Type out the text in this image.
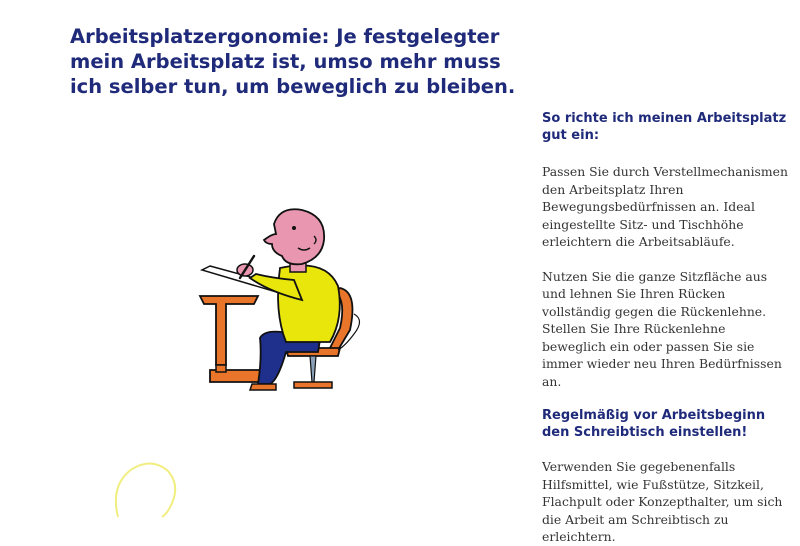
Arbeitsplatzergonomie: Je festgelegter mein Arbeitsplatz ist, umso mehr muss ich selber tun, um beweglich zu bleiben.
So richte ich meinen Arbeitsplatz gut ein:

Passen Sie durch Verstellmechanismen den Arbeitsplatz Ihren Bewegungsbedürfnissen an. Ideal eingestellte Sitz- und Tischhöhe erleichtern die Arbeitsabläufe.

Nutzen Sie die ganze Sitzfläche aus und lehnen Sie Ihren Rücken vollständig gegen die Rückenlehne. Stellen Sie Ihre Rückenlehne beweglich ein oder passen Sie sie immer wieder neu Ihren Bedürfnissen an.

Regelmäßig vor Arbeitsbeginn den Schreibtisch einstellen!

Verwenden Sie gegebenenfalls Hilfsmittel, wie Fußstütze, Sitzkeil, Flachpult oder Konzepthalter, um sich die Arbeit am Schreibtisch zu erleichtern.
